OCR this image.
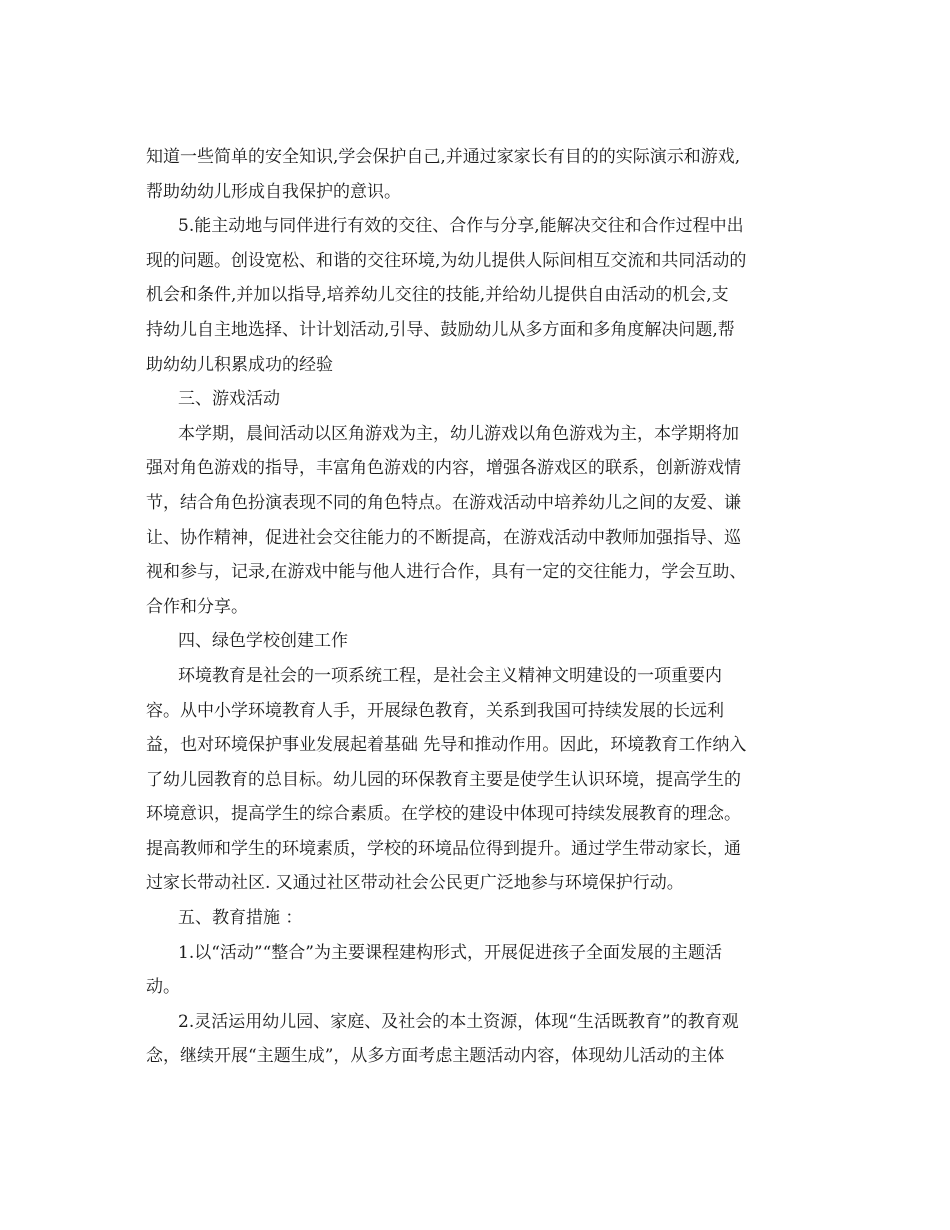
知道一些简单的安全知识,学会保护自己,并通过家家长有目的的实际演示和游戏,

帮助幼幼儿形成自我保护的意识。

5.能主动地与同伴进行有效的交往、合作与分享,能解决交往和合作过程中出

现的问题。创设宽松、和谐的交往环境,为幼儿提供人际间相互交流和共同活动的

机会和条件,并加以指导,培养幼儿交往的技能,并给幼儿提供自由活动的机会,支

持幼儿自主地选择、计计划活动,引导、鼓励幼儿从多方面和多角度解决问题,帮

助幼幼儿积累成功的经验

三、游戏活动

本学期，晨间活动以区角游戏为主，幼儿游戏以角色游戏为主，本学期将加

强对角色游戏的指导，丰富角色游戏的内容，增强各游戏区的联系，创新游戏情

节，结合角色扮演表现不同的角色特点。在游戏活动中培养幼儿之间的友爱、谦

让、协作精神，促进社会交往能力的不断提高，在游戏活动中教师加强指导、巡

视和参与，记录,在游戏中能与他人进行合作，具有一定的交往能力，学会互助、

合作和分享。

四、绿色学校创建工作

环境教育是社会的一项系统工程，是社会主义精神文明建设的一项重要内

容。从中小学环境教育人手，开展绿色教育，关系到我国可持续发展的长远利

益，也对环境保护事业发展起着基础 先导和推动作用。因此，环境教育工作纳入

了幼儿园教育的总目标。幼儿园的环保教育主要是使学生认识环境，提高学生的

环境意识，提高学生的综合素质。在学校的建设中体现可持续发展教育的理念。

提高教师和学生的环境素质，学校的环境品位得到提升。通过学生带动家长，通

过家长带动社区. 又通过社区带动社会公民更广泛地参与环境保护行动。

五、教育措施 ：

1.以“活动”“整合”为主要课程建构形式，开展促进孩子全面发展的主题活

动。

2.灵活运用幼儿园、家庭、及社会的本土资源，体现“生活既教育”的教育观

念，继续开展“主题生成”，从多方面考虑主题活动内容，体现幼儿活动的主体
